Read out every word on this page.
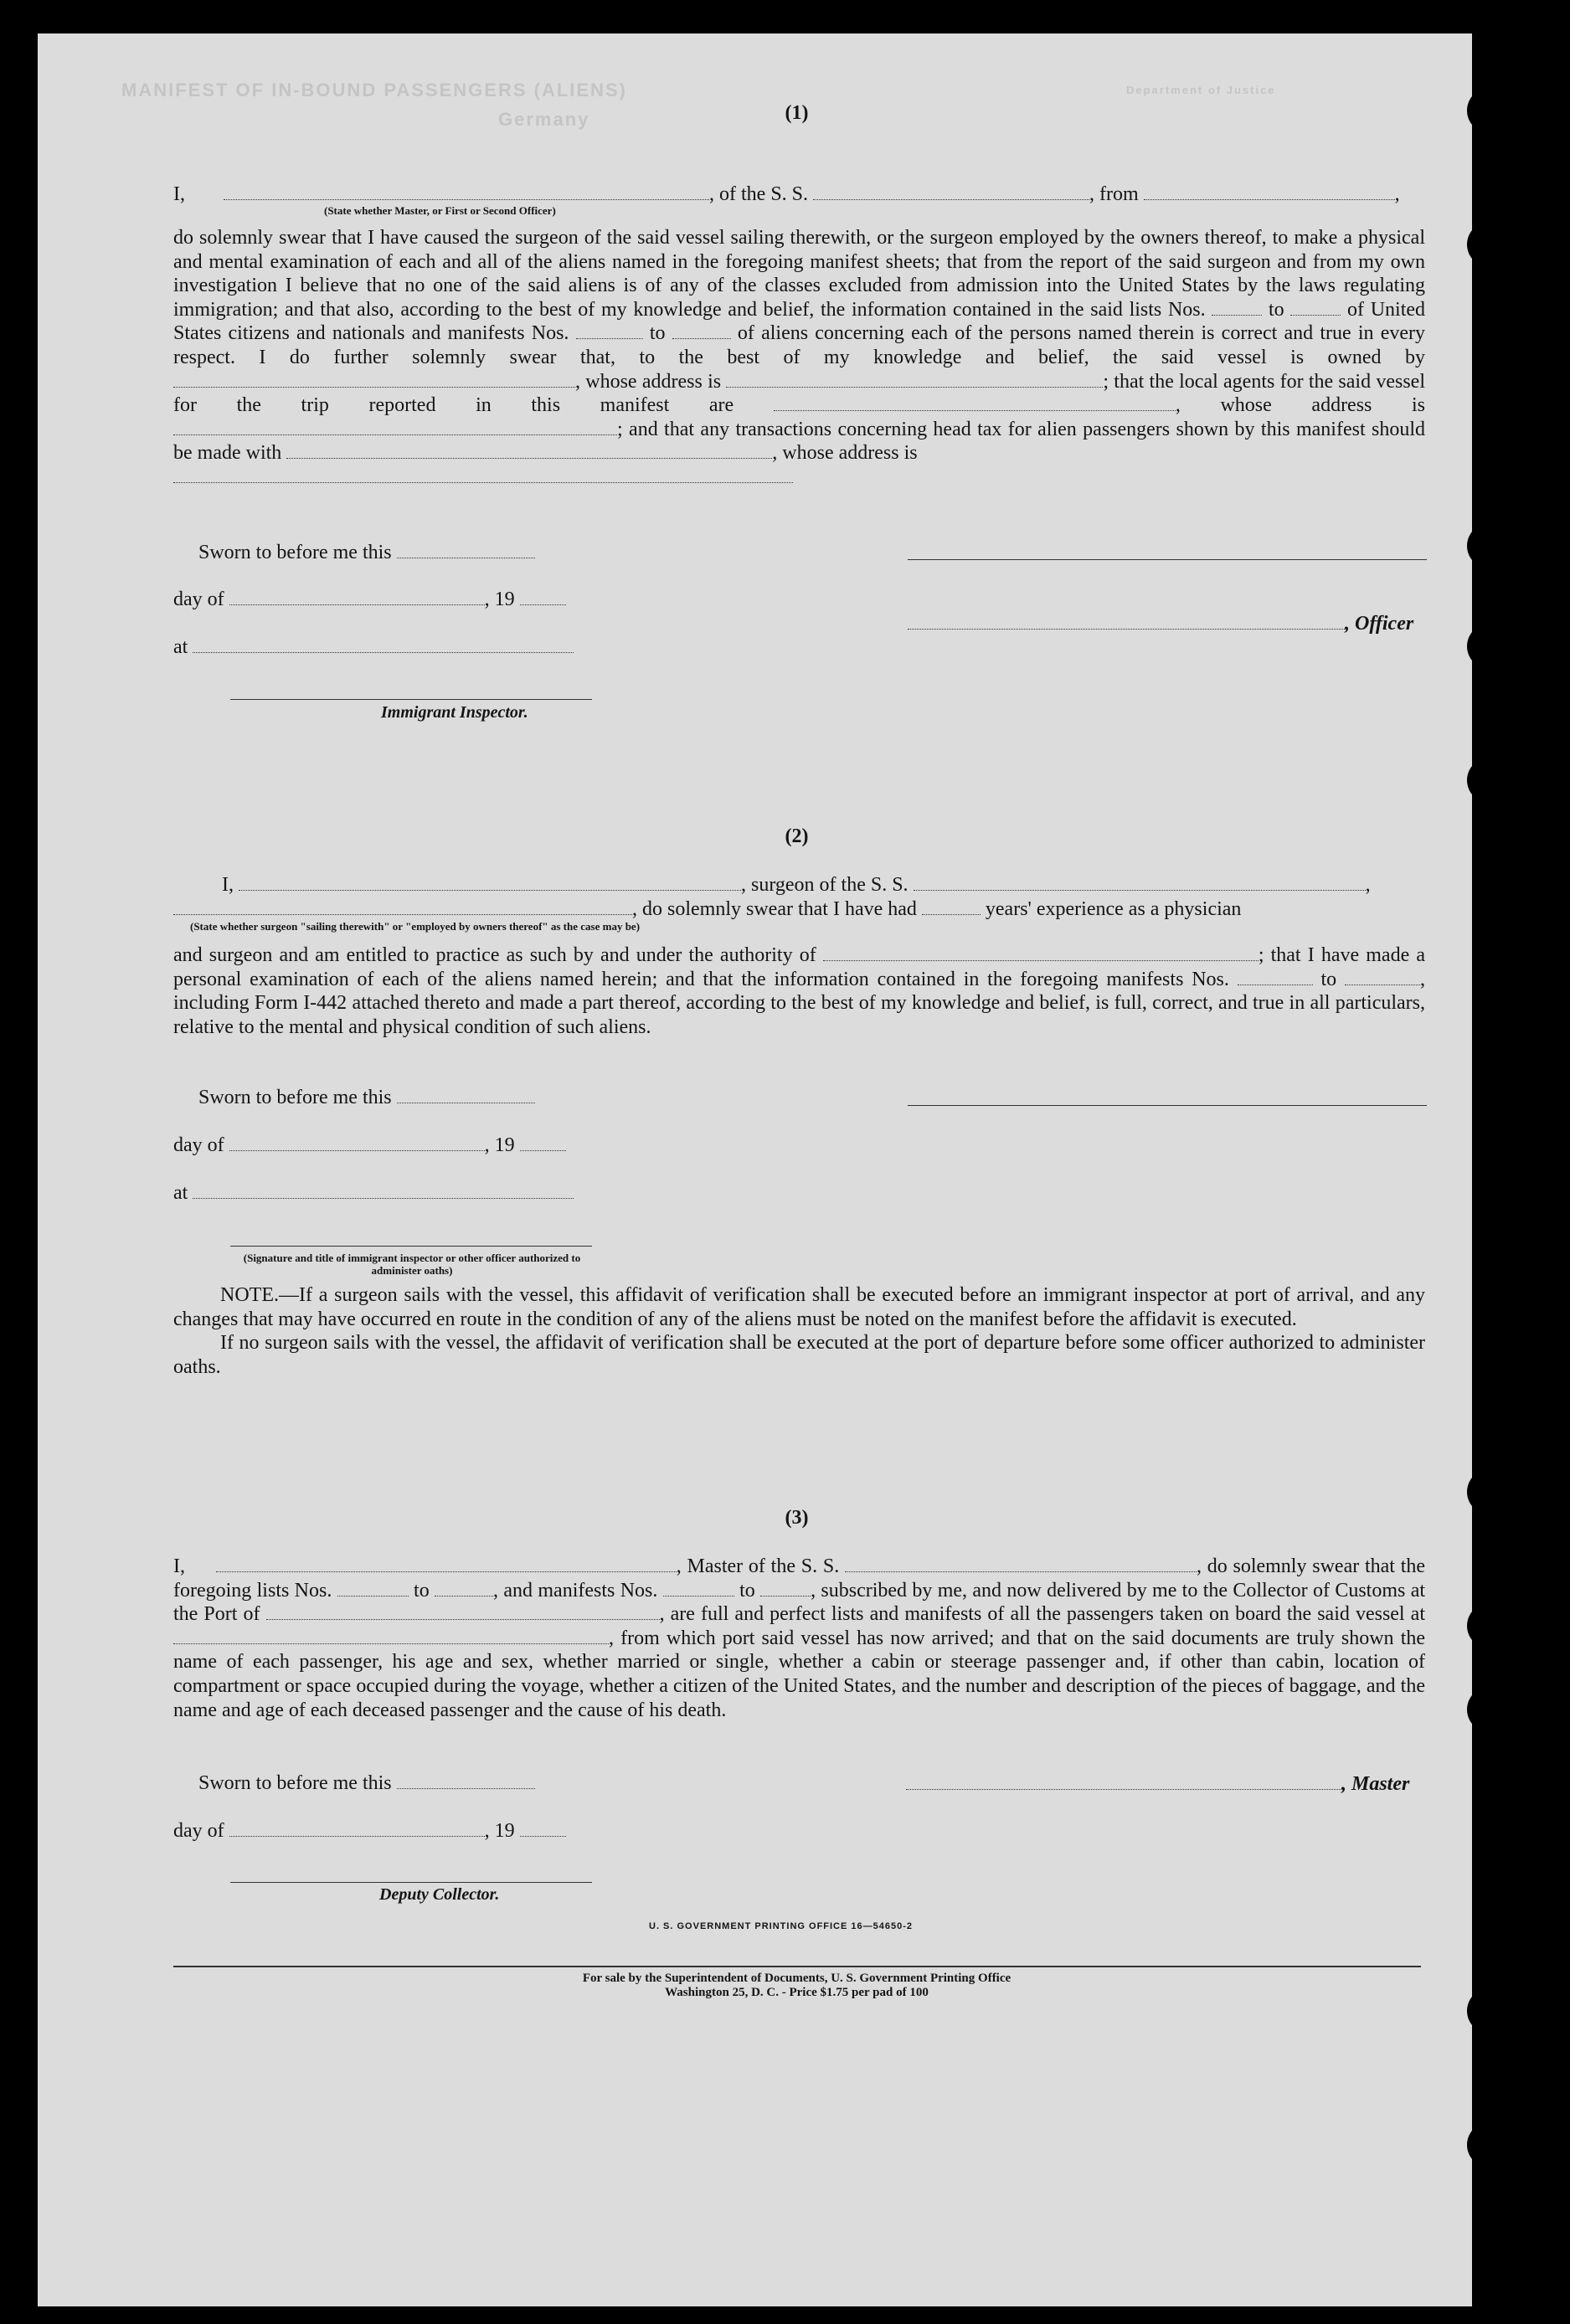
MANIFEST OF IN-BOUND PASSENGERS (ALIENS)
Germany
Department of Justice
(1)
I,	, of the S. S.	, from	,
(State whether Master, or First or Second Officer)
do solemnly swear that I have caused the surgeon of the said vessel sailing therewith, or the surgeon employed by the owners thereof, to make a physical and mental examination of each and all of the aliens named in the foregoing manifest sheets; that from the report of the said surgeon and from my own investigation I believe that no one of the said aliens is of any of the classes excluded from admission into the United States by the laws regulating immigration; and that also, according to the best of my knowledge and belief, the information contained in the said lists Nos.	to	of United States citizens and nationals and manifests Nos.	to	of aliens concerning each of the persons named therein is correct and true in every respect. I do further solemnly swear that, to the best of my knowledge and belief, the said vessel is owned by , whose address is	; that the local agents for the said vessel for the trip reported in this manifest are	, whose address is ; and that any transactions concerning head tax for alien passengers shown by this manifest should be made with	, whose address is

Sworn to before me this
day of	, 19
, Officer
at
Immigrant Inspector.
(2)
I,	, surgeon of the S. S.	,
, do solemnly swear that I have had	years' experience as a physician
(State whether surgeon "sailing therewith" or "employed by owners thereof" as the case may be)
and surgeon and am entitled to practice as such by and under the authority of	; that I have made a personal examination of each of the aliens named herein; and that the information contained in the foregoing manifests Nos.	to	, including Form I-442 attached thereto and made a part thereof, according to the best of my knowledge and belief, is full, correct, and true in all particulars, relative to the mental and physical condition of such aliens.
Sworn to before me this
day of	, 19
at
(Signature and title of immigrant inspector or other officer authorized to administer oaths)
NOTE.—If a surgeon sails with the vessel, this affidavit of verification shall be executed before an immigrant inspector at port of arrival, and any changes that may have occurred en route in the condition of any of the aliens must be noted on the manifest before the affidavit is executed.
If no surgeon sails with the vessel, the affidavit of verification shall be executed at the port of departure before some officer authorized to administer oaths.
(3)
I,	, Master of the S. S.	, do solemnly swear that the foregoing lists Nos.	to	, and manifests Nos.	to	, subscribed by me, and now delivered by me to the Collector of Customs at the Port of	, are full and perfect lists and manifests of all the passengers taken on board the said vessel at , from which port said vessel has now arrived; and that on the said documents are truly shown the name of each passenger, his age and sex, whether married or single, whether a cabin or steerage passenger and, if other than cabin, location of compartment or space occupied during the voyage, whether a citizen of the United States, and the number and description of the pieces of baggage, and the name and age of each deceased passenger and the cause of his death.
Sworn to before me this	, Master
day of	, 19
Deputy Collector.
U. S. GOVERNMENT PRINTING OFFICE 16—54650-2
For sale by the Superintendent of Documents, U. S. Government Printing Office
Washington 25, D. C. - Price $1.75 per pad of 100
